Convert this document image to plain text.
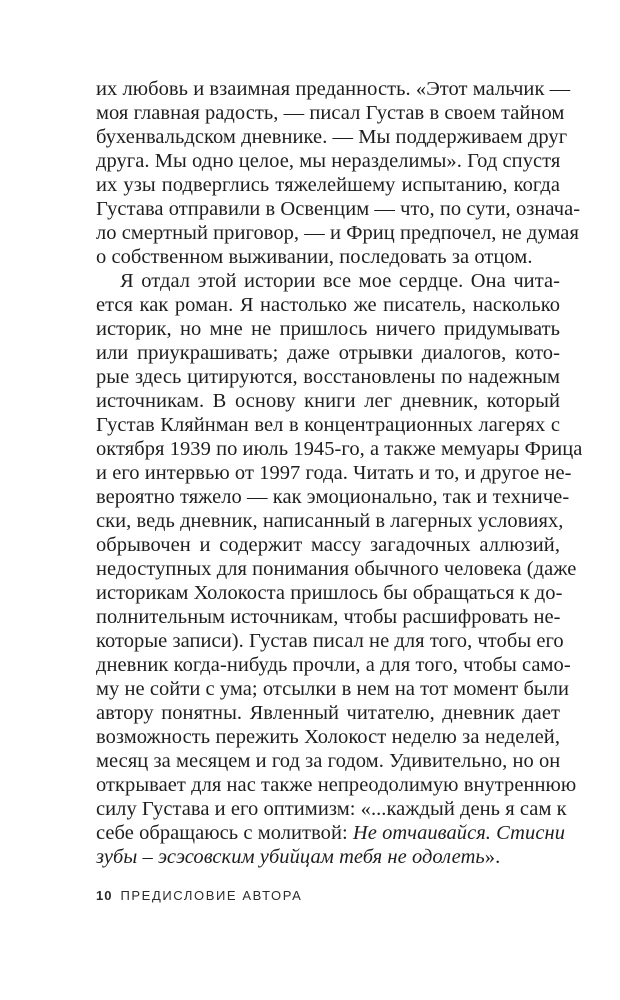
их любовь и взаимная преданность. «Этот мальчик —
моя главная радость, — писал Густав в своем тайном
бухенвальдском дневнике. — Мы поддерживаем друг
друга. Мы одно целое, мы неразделимы». Год спустя
их узы подверглись тяжелейшему испытанию, когда
Густава отправили в Освенцим — что, по сути, означа-
ло смертный приговор, — и Фриц предпочел, не думая
о собственном выживании, последовать за отцом.
Я отдал этой истории все мое сердце. Она чита-
ется как роман. Я настолько же писатель, насколько
историк, но мне не пришлось ничего придумывать
или приукрашивать; даже отрывки диалогов, кото-
рые здесь цитируются, восстановлены по надежным
источникам. В основу книги лег дневник, который
Густав Кляйнман вел в концентрационных лагерях с
октября 1939 по июль 1945-го, а также мемуары Фрица
и его интервью от 1997 года. Читать и то, и другое не-
вероятно тяжело — как эмоционально, так и техниче-
ски, ведь дневник, написанный в лагерных условиях,
обрывочен и содержит массу загадочных аллюзий,
недоступных для понимания обычного человека (даже
историкам Холокоста пришлось бы обращаться к до-
полнительным источникам, чтобы расшифровать не-
которые записи). Густав писал не для того, чтобы его
дневник когда-нибудь прочли, а для того, чтобы само-
му не сойти с ума; отсылки в нем на тот момент были
автору понятны. Явленный читателю, дневник дает
возможность пережить Холокост неделю за неделей,
месяц за месяцем и год за годом. Удивительно, но он
открывает для нас также непреодолимую внутреннюю
силу Густава и его оптимизм: «...каждый день я сам к
себе обращаюсь с молитвой: Не отчаивайся. Стисни
зубы – эсэсовским убийцам тебя не одолеть».
10 ПРЕДИСЛОВИЕ АВТОРА
